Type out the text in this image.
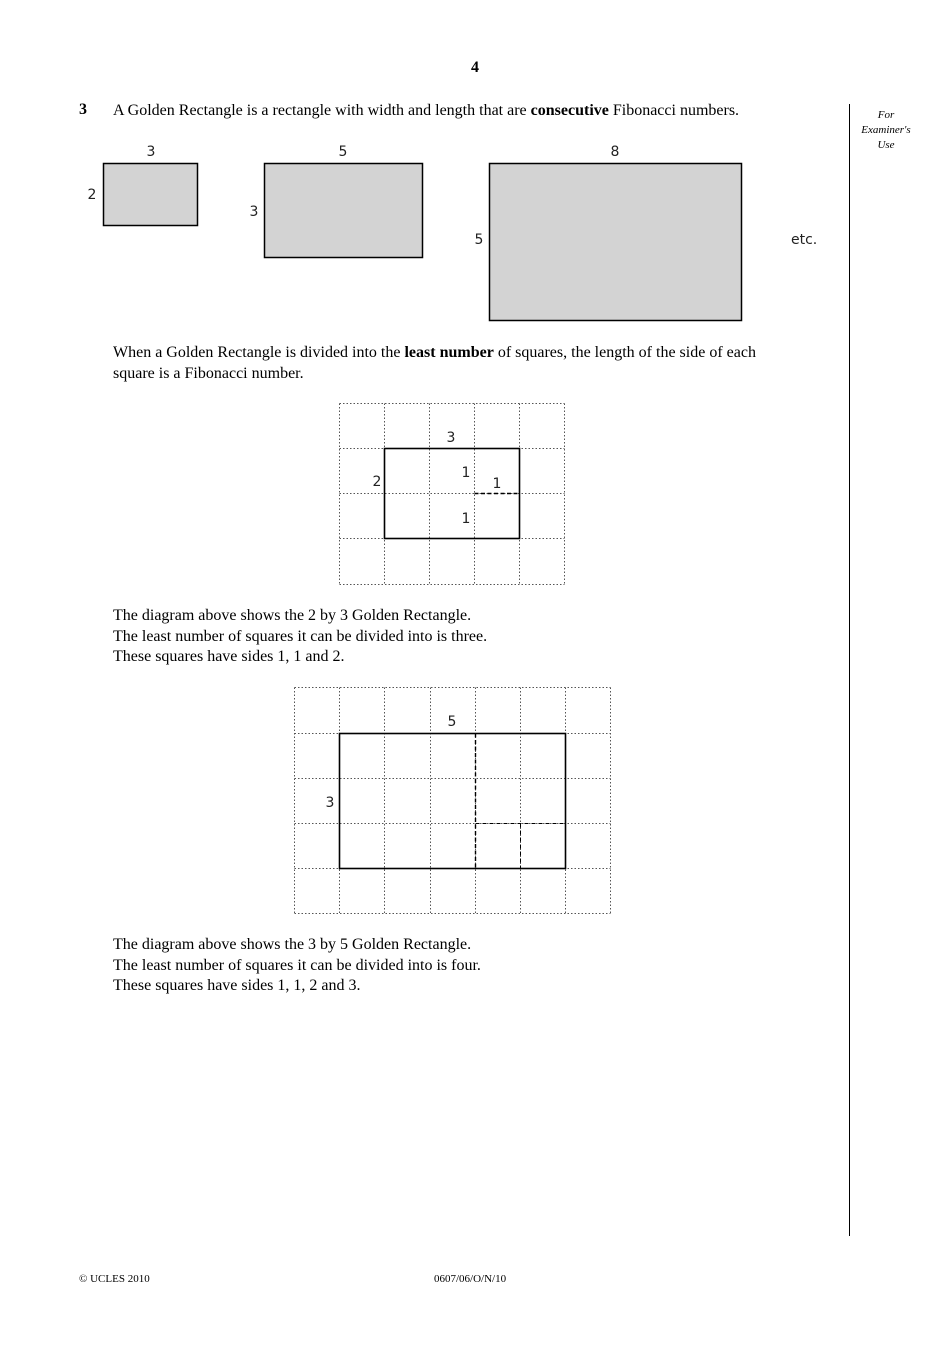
4
For
Examiner's
Use
3 A Golden Rectangle is a rectangle with width and length that are consecutive Fibonacci numbers.
3
2
5
3
8
5	etc.
When a Golden Rectangle is divided into the least number of squares, the length of the side of each
square is a Fibonacci number.
3
2
1
1
1
The diagram above shows the 2 by 3 Golden Rectangle.
The least number of squares it can be divided into is three.
These squares have sides 1, 1 and 2.
5
3
The diagram above shows the 3 by 5 Golden Rectangle.
The least number of squares it can be divided into is four.
These squares have sides 1, 1, 2 and 3.
© UCLES 2010	0607/06/O/N/10
